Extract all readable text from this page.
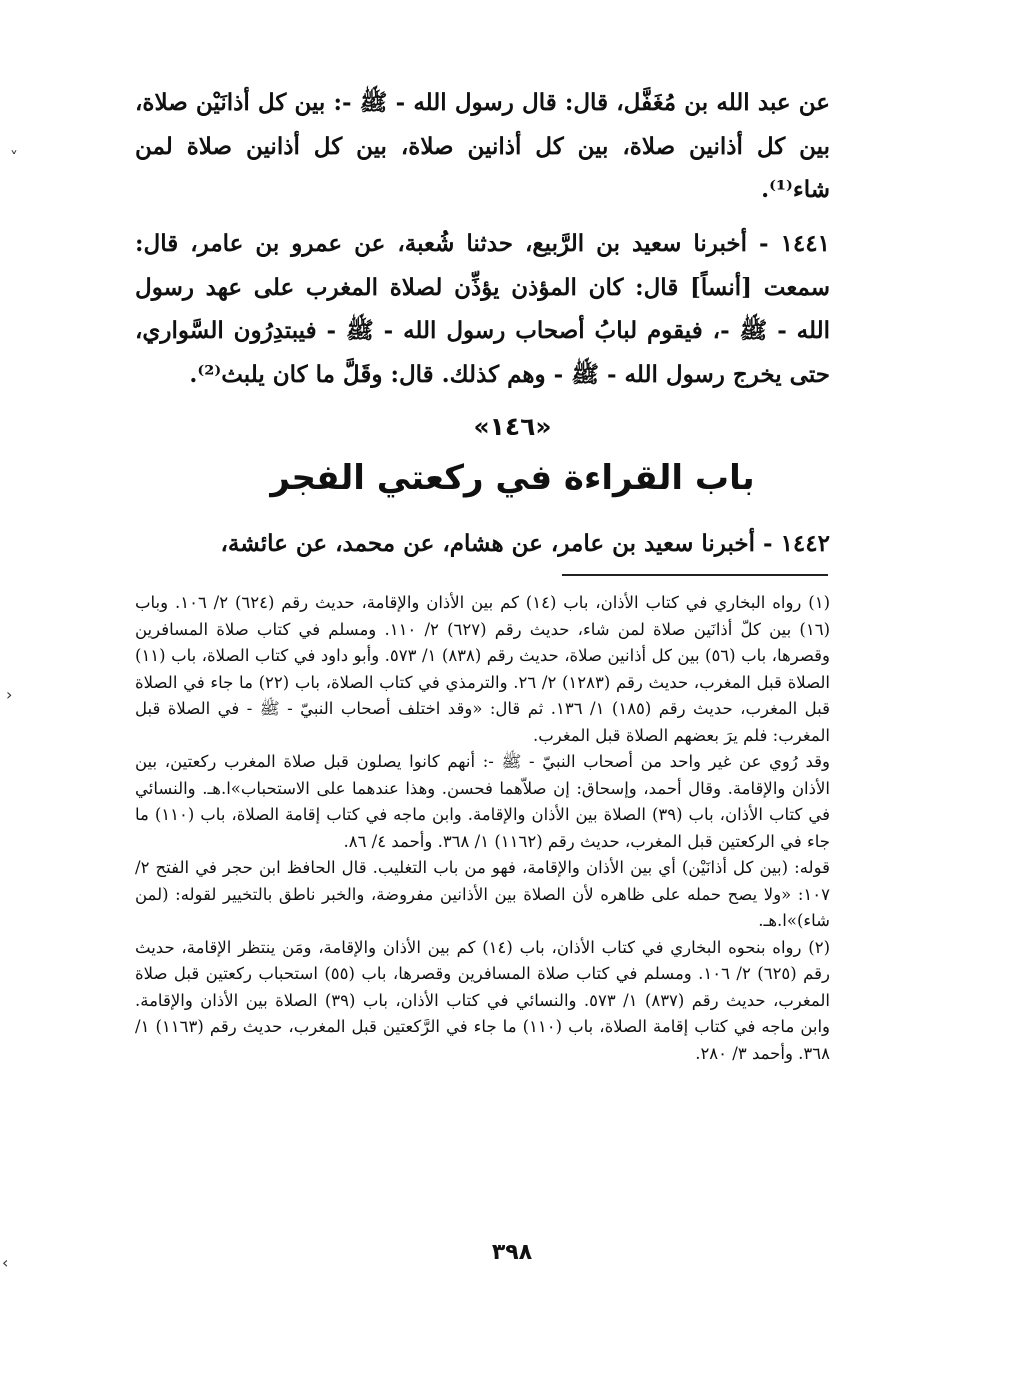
عن عبد الله بن مُغَفَّل، قال: قال رسول الله - ﷺ -: بين كل أذانَيْن صلاة، بين كل أذانين صلاة، بين كل أذانين صلاة، بين كل أذانين صلاة لمن شاء⁽¹⁾.

١٤٤١ - أخبرنا سعيد بن الرَّبيع، حدثنا شُعبة، عن عمرو بن عامر، قال: سمعت [أنساً] قال: كان المؤذن يؤذِّن لصلاة المغرب على عهد رسول الله - ﷺ -، فيقوم لبابُ أصحاب رسول الله - ﷺ - فيبتدِرُون السَّواري، حتى يخرج رسول الله - ﷺ - وهم كذلك. قال: وقَلَّ ما كان يلبث⁽²⁾.

«١٤٦»

باب القراءة في ركعتي الفجر

١٤٤٢ - أخبرنا سعيد بن عامر، عن هشام، عن محمد، عن عائشة،

(١) رواه البخاري في كتاب الأذان، باب (١٤) كم بين الأذان والإقامة، حديث رقم (٦٢٤) ٢/ ١٠٦. وباب (١٦) بين كلّ أذانَين صلاة لمن شاء، حديث رقم (٦٢٧) ٢/ ١١٠. ومسلم في كتاب صلاة المسافرين وقصرها، باب (٥٦) بين كل أذانين صلاة، حديث رقم (٨٣٨) ١/ ٥٧٣. وأبو داود في كتاب الصلاة، باب (١١) الصلاة قبل المغرب، حديث رقم (١٢٨٣) ٢/ ٢٦. والترمذي في كتاب الصلاة، باب (٢٢) ما جاء في الصلاة قبل المغرب، حديث رقم (١٨٥) ١/ ١٣٦. ثم قال: «وقد اختلف أصحاب النبيّ - ﷺ - في الصلاة قبل المغرب: فلم يرَ بعضهم الصلاة قبل المغرب.

وقد رُوي عن غير واحد من أصحاب النبيّ - ﷺ -: أنهم كانوا يصلون قبل صلاة المغرب ركعتين، بين الأذان والإقامة. وقال أحمد، وإسحاق: إن صلاّهما فحسن. وهذا عندهما على الاستحباب»ا.هـ. والنسائي في كتاب الأذان، باب (٣٩) الصلاة بين الأذان والإقامة. وابن ماجه في كتاب إقامة الصلاة، باب (١١٠) ما جاء في الركعتين قبل المغرب، حديث رقم (١١٦٢) ١/ ٣٦٨. وأحمد ٤/ ٨٦.

قوله: (بين كل أذانَيْن) أي بين الأذان والإقامة، فهو من باب التغليب. قال الحافظ ابن حجر في الفتح ٢/ ١٠٧: «ولا يصح حمله على ظاهره لأن الصلاة بين الأذانين مفروضة، والخبر ناطق بالتخيير لقوله: (لمن شاء)»ا.هـ.

(٢) رواه بنحوه البخاري في كتاب الأذان، باب (١٤) كم بين الأذان والإقامة، ومَن ينتظر الإقامة، حديث رقم (٦٢٥) ٢/ ١٠٦. ومسلم في كتاب صلاة المسافرين وقصرها، باب (٥٥) استحباب ركعتين قبل صلاة المغرب، حديث رقم (٨٣٧) ١/ ٥٧٣. والنسائي في كتاب الأذان، باب (٣٩) الصلاة بين الأذان والإقامة. وابن ماجه في كتاب إقامة الصلاة، باب (١١٠) ما جاء في الرَّكعتين قبل المغرب، حديث رقم (١١٦٣) ١/ ٣٦٨. وأحمد ٣/ ٢٨٠.

٣٩٨

˅
›
‹
